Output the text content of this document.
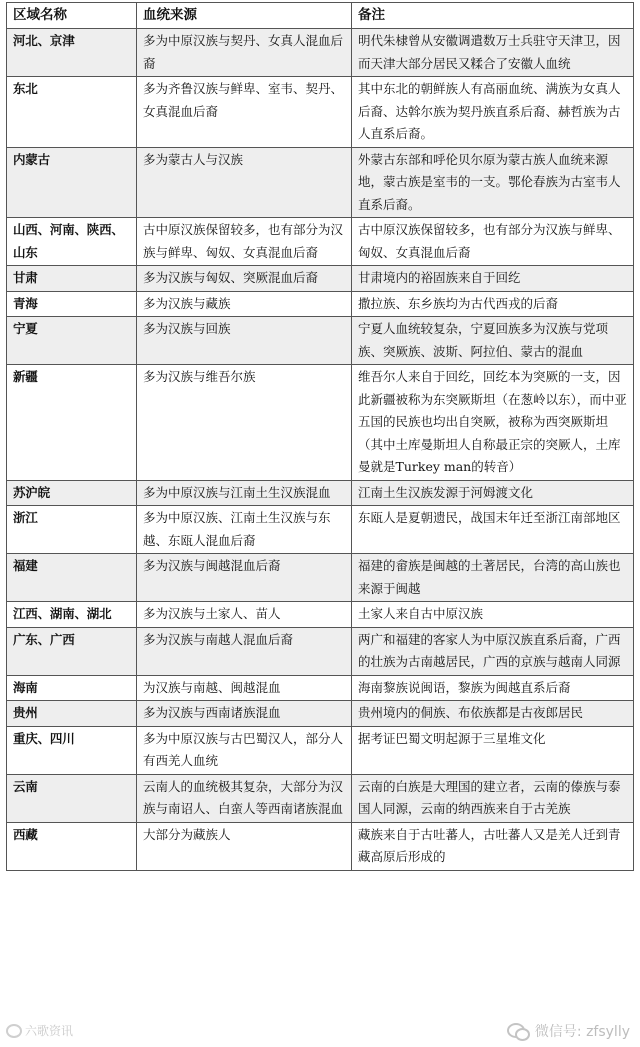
区域名称	血统来源	备注
河北、京津	多为中原汉族与契丹、女真人混血后裔	明代朱棣曾从安徽调遣数万士兵驻守天津卫，因而天津大部分居民又糅合了安徽人血统
东北	多为齐鲁汉族与鲜卑、室韦、契丹、女真混血后裔	其中东北的朝鲜族人有高丽血统、满族为女真人后裔、达斡尔族为契丹族直系后裔、赫哲族为古人直系后裔。
内蒙古	多为蒙古人与汉族	外蒙古东部和呼伦贝尔原为蒙古族人血统来源地，蒙古族是室韦的一支。鄂伦春族为古室韦人直系后裔。
山西、河南、陕西、山东	古中原汉族保留较多，也有部分为汉族与鲜卑、匈奴、女真混血后裔	古中原汉族保留较多，也有部分为汉族与鲜卑、匈奴、女真混血后裔
甘肃	多为汉族与匈奴、突厥混血后裔	甘肃境内的裕固族来自于回纥
青海	多为汉族与藏族	撒拉族、东乡族均为古代西戎的后裔
宁夏	多为汉族与回族	宁夏人血统较复杂，宁夏回族多为汉族与党项族、突厥族、波斯、阿拉伯、蒙古的混血
新疆	多为汉族与维吾尔族	维吾尔人来自于回纥，回纥本为突厥的一支，因此新疆被称为东突厥斯坦（在葱岭以东），而中亚五国的民族也均出自突厥，被称为西突厥斯坦（其中土库曼斯坦人自称最正宗的突厥人，土库曼就是Turkey man的转音）
苏沪皖	多为中原汉族与江南土生汉族混血	江南土生汉族发源于河姆渡文化
浙江	多为中原汉族、江南土生汉族与东越、东瓯人混血后裔	东瓯人是夏朝遗民，战国末年迁至浙江南部地区
福建	多为汉族与闽越混血后裔	福建的畲族是闽越的土著居民，台湾的高山族也来源于闽越
江西、湖南、湖北	多为汉族与土家人、苗人	土家人来自古中原汉族
广东、广西	多为汉族与南越人混血后裔	两广和福建的客家人为中原汉族直系后裔，广西的壮族为古南越居民，广西的京族与越南人同源
海南	为汉族与南越、闽越混血	海南黎族说闽语，黎族为闽越直系后裔
贵州	多为汉族与西南诸族混血	贵州境内的侗族、布依族都是古夜郎居民
重庆、四川	多为中原汉族与古巴蜀汉人，部分人有西羌人血统	据考证巴蜀文明起源于三星堆文化
云南	云南人的血统极其复杂，大部分为汉族与南诏人、白蛮人等西南诸族混血	云南的白族是大理国的建立者，云南的傣族与泰国人同源，云南的纳西族来自于古羌族
西藏	大部分为藏族人	藏族来自于古吐蕃人，古吐蕃人又是羌人迁到青藏高原后形成的
六歌资讯	微信号: zfsylly
